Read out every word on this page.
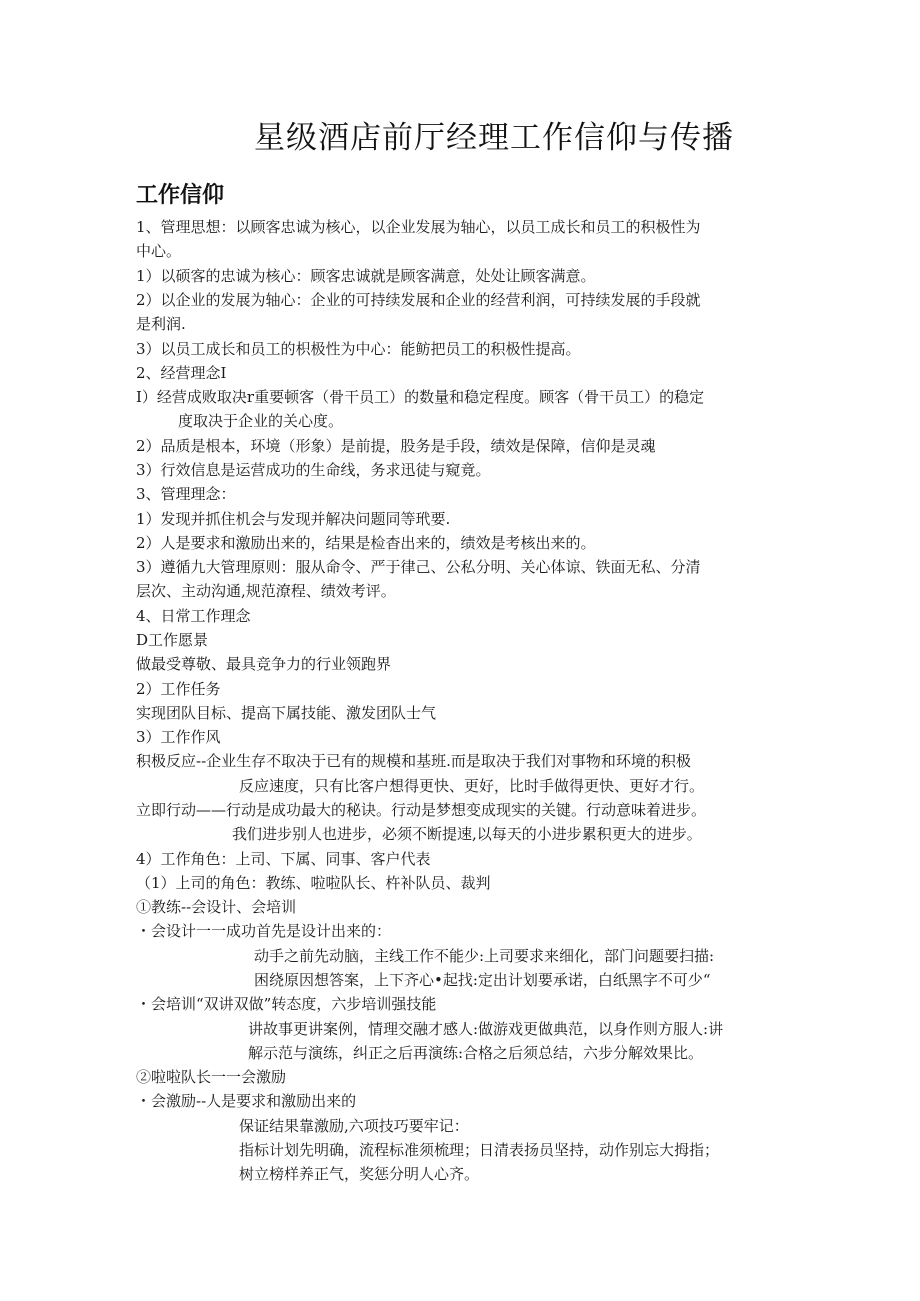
星级酒店前厅经理工作信仰与传播
工作信仰
1、管理思想：以顾客忠诚为核心，以企业发展为轴心，以员工成长和员工的积极性为
中心。
1）以硕客的忠诚为核心：顾客忠诚就是顾客满意，处处让顾客满意。
2）以企业的发展为轴心：企业的可持续发展和企业的经营利润，可持续发展的手段就
是利润.
3）以员工成长和员工的枳极性为中心：能鲂把员工的积极性提高。
2、经营理念I
I）经营成败取决r重要顿客（骨干员工）的数量和稳定程度。顾客（骨干员工）的稳定
度取决于企业的关心度。
2）品质是根本，环境（形象）是前提，股务是手段，绩效是保障，信仰是灵魂
3）行效信息是运营成功的生命线，务求迅徒与窥竟。
3、管理理念：
1）发现并抓住机会与发现并解决问题同等玳要.
2）人是要求和激励出来的，结果是检杳出来的，绩效是考核出来的。
3）遵循九大管理原则：服从命令、严于律己、公私分明、关心体谅、铁面无私、分清
层次、主动沟通,规范潦程、绩效考评。
4、日常工作理念
D工作愿景
做最受尊敬、最具竞争力的行业领跑界
2）工作任务
实现团队目标、提高下属技能、激发团队士气
3）工作作风
积极反应--企业生存不取决于已有的规模和基班.而是取决于我们对事物和环境的积极
反应速度，只有比客户想得更快、更好，比时手做得更快、更好才行。
立即行动——行动是成功最大的秘诀。行动是梦想变成现实的关键。行动意味着进步。
我们进步别人也进步，必须不断提速,以每天的小进步累积更大的进步。
4）工作角色：上司、下属、同事、客户代表
（1）上司的角色：教练、啦啦队长、杵补队员、裁判
①教练--会设计、会培训
・会设计一一成功首先是设计出来的：
动手之前先动脑，主线工作不能少:上司要求来细化，部门问题要扫描:
困绕原因想答案，上下齐心•起找:定出计划要承诺，白纸黑字不可少“
・会培训“双讲双做”转态度，六步培训强技能
讲故事更讲案例，情理交融才感人:做游戏更做典范，以身作则方服人:讲
解示范与演练，纠正之后再演练:合格之后须总结，六步分解效果比。
②啦啦队长一一会激励
・会激励--人是要求和激励出来的
保证结果靠激励,六项技巧要牢记：
指标计划先明确，流程标准须梳理；日清表扬员坚持，动作别忘大拇指；
树立榜样养正气，奖惩分明人心齐。
